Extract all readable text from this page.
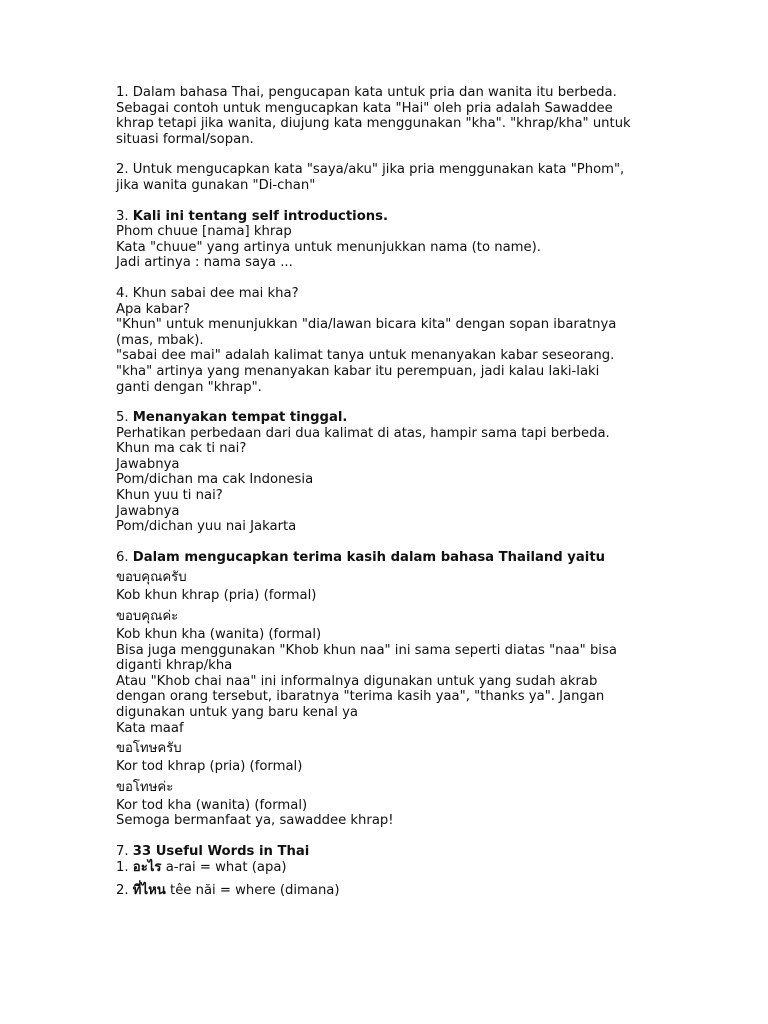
1. Dalam bahasa Thai, pengucapan kata untuk pria dan wanita itu berbeda.
Sebagai contoh untuk mengucapkan kata "Hai" oleh pria adalah Sawaddee
khrap tetapi jika wanita, diujung kata menggunakan "kha". "khrap/kha" untuk
situasi formal/sopan.
2. Untuk mengucapkan kata "saya/aku" jika pria menggunakan kata "Phom",
jika wanita gunakan "Di-chan"
3. Kali ini tentang self introductions.
Phom chuue [nama] khrap
Kata "chuue" yang artinya untuk menunjukkan nama (to name).
Jadi artinya : nama saya ...
4. Khun sabai dee mai kha?
Apa kabar?
"Khun" untuk menunjukkan "dia/lawan bicara kita" dengan sopan ibaratnya
(mas, mbak).
"sabai dee mai" adalah kalimat tanya untuk menanyakan kabar seseorang.
"kha" artinya yang menanyakan kabar itu perempuan, jadi kalau laki-laki
ganti dengan "khrap".
5. Menanyakan tempat tinggal.
Perhatikan perbedaan dari dua kalimat di atas, hampir sama tapi berbeda.
Khun ma cak ti nai?
Jawabnya
Pom/dichan ma cak Indonesia
Khun yuu ti nai?
Jawabnya
Pom/dichan yuu nai Jakarta
6. Dalam mengucapkan terima kasih dalam bahasa Thailand yaitu
ขอบคุณครับ
Kob khun khrap (pria) (formal)
ขอบคุณค่ะ
Kob khun kha (wanita) (formal)
Bisa juga menggunakan "Khob khun naa" ini sama seperti diatas "naa" bisa
diganti khrap/kha
Atau "Khob chai naa" ini informalnya digunakan untuk yang sudah akrab
dengan orang tersebut, ibaratnya "terima kasih yaa", "thanks ya". Jangan
digunakan untuk yang baru kenal ya
Kata maaf
ขอโทษครับ
Kor tod khrap (pria) (formal)
ขอโทษค่ะ
Kor tod kha (wanita) (formal)
Semoga bermanfaat ya, sawaddee khrap!
7. 33 Useful Words in Thai
1. อะไร a-rai = what (apa)
2. ที่ไหน têe năi = where (dimana)
